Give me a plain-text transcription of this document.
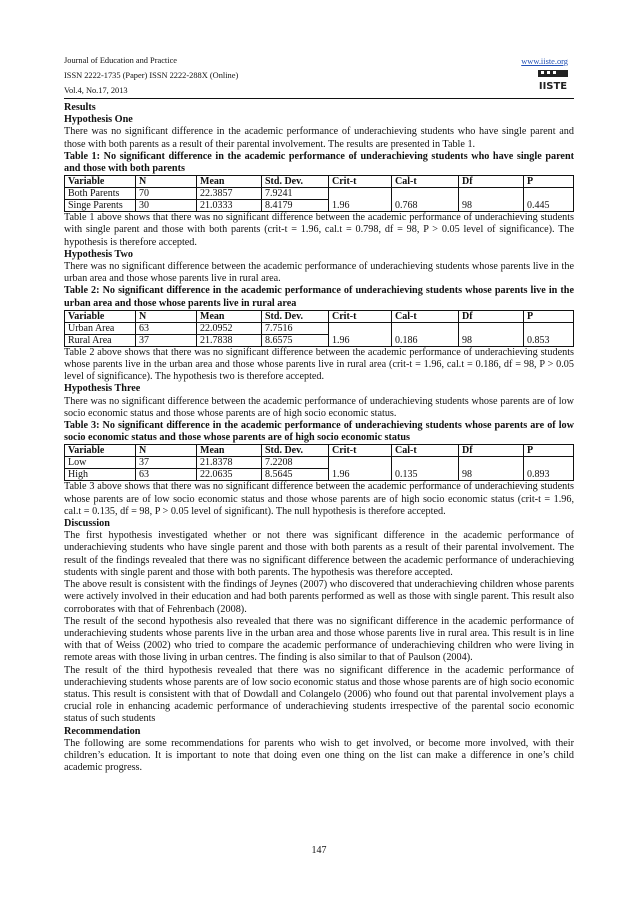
Journal of Education and Practice
ISSN 2222-1735 (Paper) ISSN 2222-288X (Online)
Vol.4, No.17, 2013
www.iiste.org
IISTE
Results
Hypothesis One

There was no significant difference in the academic performance of underachieving students who have single parent and those with both parents as a result of their parental involvement. The results are presented in Table 1.

Table 1: No significant difference in the academic performance of underachieving students who have single parent and those with both parents

Variable	N	Mean	Std. Dev.	Crit-t	Cal-t	Df	P
Both Parents	70	22.3857	7.9241	1.96	0.768	98	0.445
Singe Parents	30	21.0333	8.4179				

Table 1 above shows that there was no significant difference between the academic performance of underachieving students with single parent and those with both parents (crit-t = 1.96, cal.t = 0.798, df = 98, P > 0.05 level of significance). The hypothesis is therefore accepted.

Hypothesis Two

There was no significant difference between the academic performance of underachieving students whose parents live in the urban area and those whose parents live in rural area.

Table 2: No significant difference in the academic performance of underachieving students whose parents live in the urban area and those whose parents live in rural area

Variable	N	Mean	Std. Dev.	Crit-t	Cal-t	Df	P
Urban Area	63	22.0952	7.7516	1.96	0.186	98	0.853
Rural Area	37	21.7838	8.6575				

Table 2 above shows that there was no significant difference between the academic performance of underachieving students whose parents live in the urban area and those whose parents live in rural area (crit-t = 1.96, cal.t = 0.186, df = 98, P > 0.05 level of significance). The hypothesis two is therefore accepted.

Hypothesis Three

There was no significant difference between the academic performance of underachieving students whose parents are of low socio economic status and those whose parents are of high socio economic status.

Table 3: No significant difference in the academic performance of underachieving students whose parents are of low socio economic status and those whose parents are of high socio economic status

Variable	N	Mean	Std. Dev.	Crit-t	Cal-t	Df	P
Low	37	21.8378	7.2208	1.96	0.135	98	0.893
High	63	22.0635	8.5645				

Table 3 above shows that there was no significant difference between the academic performance of underachieving students whose parents are of low socio economic status and those whose parents are of high socio economic status (crit-t = 1.96, cal.t = 0.135, df = 98, P > 0.05 level of significant). The null hypothesis is therefore accepted.

Discussion

The first hypothesis investigated whether or not there was significant difference in the academic performance of underachieving students who have single parent and those with both parents as a result of their parental involvement. The result of the findings revealed that there was no significant difference between the academic performance of underachieving students with single parent and those with both parents. The hypothesis was therefore accepted.

The above result is consistent with the findings of Jeynes (2007) who discovered that underachieving children whose parents were actively involved in their education and had both parents performed as well as those with single parent. This result also corroborates with that of Fehrenbach (2008).

The result of the second hypothesis also revealed that there was no significant difference in the academic performance of underachieving students whose parents live in the urban area and those whose parents live in rural area. This result is in line with that of Weiss (2002) who tried to compare the academic performance of underachieving children who were living in remote areas with those living in urban centres. The finding is also similar to that of Paulson (2004).

The result of the third hypothesis revealed that there was no significant difference in the academic performance of underachieving students whose parents are of low socio economic status and those whose parents are of high socio economic status. This result is consistent with that of Dowdall and Colangelo (2006) who found out that parental involvement plays a crucial role in enhancing academic performance of underachieving students irrespective of the parental socio economic status of such students

Recommendation

The following are some recommendations for parents who wish to get involved, or become more involved, with their children’s education. It is important to note that doing even one thing on the list can make a difference in one’s child academic progress.

147
